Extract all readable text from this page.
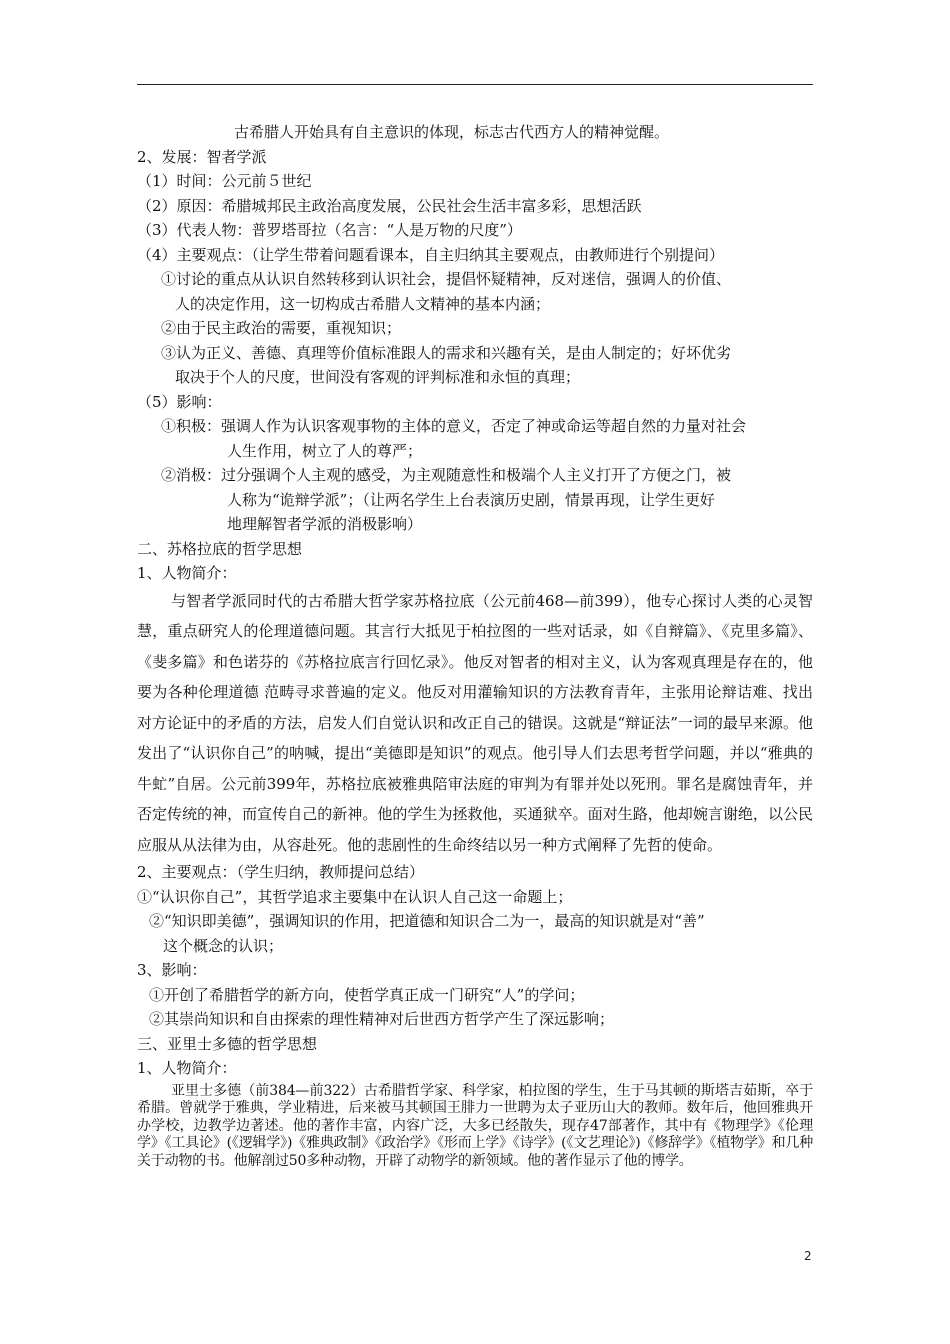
古希腊人开始具有自主意识的体现，标志古代西方人的精神觉醒。
2、发展：智者学派
（1）时间：公元前５世纪
（2）原因：希腊城邦民主政治高度发展，公民社会生活丰富多彩，思想活跃
（3）代表人物：普罗塔哥拉（名言：“人是万物的尺度”）
（4）主要观点：（让学生带着问题看课本，自主归纳其主要观点，由教师进行个别提问）
①讨论的重点从认识自然转移到认识社会，提倡怀疑精神，反对迷信，强调人的价值、
人的决定作用，这一切构成古希腊人文精神的基本内涵；
②由于民主政治的需要，重视知识；
③认为正义、善德、真理等价值标准跟人的需求和兴趣有关，是由人制定的；好坏优劣
取决于个人的尺度，世间没有客观的评判标准和永恒的真理；
（5）影响：
①积极：强调人作为认识客观事物的主体的意义，否定了神或命运等超自然的力量对社会
人生作用，树立了人的尊严；
②消极：过分强调个人主观的感受，为主观随意性和极端个人主义打开了方便之门，被
人称为“诡辩学派”；（让两名学生上台表演历史剧，情景再现，让学生更好
地理解智者学派的消极影响）
二、苏格拉底的哲学思想
1、人物简介：
与智者学派同时代的古希腊大哲学家苏格拉底（公元前468—前399），他专心探讨人类的心灵智慧，重点研究人的伦理道德问题。其言行大抵见于柏拉图的一些对话录，如《自辩篇》、《克里多篇》、《斐多篇》和色诺芬的《苏格拉底言行回忆录》。他反对智者的相对主义，认为客观真理是存在的，他要为各种伦理道德 范畴寻求普遍的定义。他反对用灌输知识的方法教育青年，主张用论辩诘难、找出对方论证中的矛盾的方法，启发人们自觉认识和改正自己的错误。这就是“辩证法”一词的最早来源。他发出了“认识你自己”的呐喊，提出“美德即是知识”的观点。他引导人们去思考哲学问题，并以“雅典的牛虻”自居。公元前399年，苏格拉底被雅典陪审法庭的审判为有罪并处以死刑。罪名是腐蚀青年，并否定传统的神，而宣传自己的新神。他的学生为拯救他，买通狱卒。面对生路，他却婉言谢绝，以公民应服从从法律为由，从容赴死。他的悲剧性的生命终结以另一种方式阐释了先哲的使命。
2、主要观点：（学生归纳，教师提问总结）
①“认识你自己”，其哲学追求主要集中在认识人自己这一命题上；
②“知识即美德”，强调知识的作用，把道德和知识合二为一，最高的知识就是对“善”
这个概念的认识；
3、影响：
①开创了希腊哲学的新方向，使哲学真正成一门研究“人”的学问；
②其崇尚知识和自由探索的理性精神对后世西方哲学产生了深远影响；
三、亚里士多德的哲学思想
1、人物简介：
亚里士多德（前384—前322）古希腊哲学家、科学家，柏拉图的学生，生于马其顿的斯塔吉茹斯，卒于希腊。曾就学于雅典，学业精进，后来被马其顿国王腓力一世聘为太子亚历山大的教师。数年后，他回雅典开办学校，边教学边著述。他的著作丰富，内容广泛，大多已经散失，现存47部著作，其中有《物理学》《伦理学》《工具论》(《逻辑学》)《雅典政制》《政治学》《形而上学》《诗学》(《文艺理论》)《修辞学》《植物学》和几种关于动物的书。他解剖过50多种动物，开辟了动物学的新领域。他的著作显示了他的博学。
2
